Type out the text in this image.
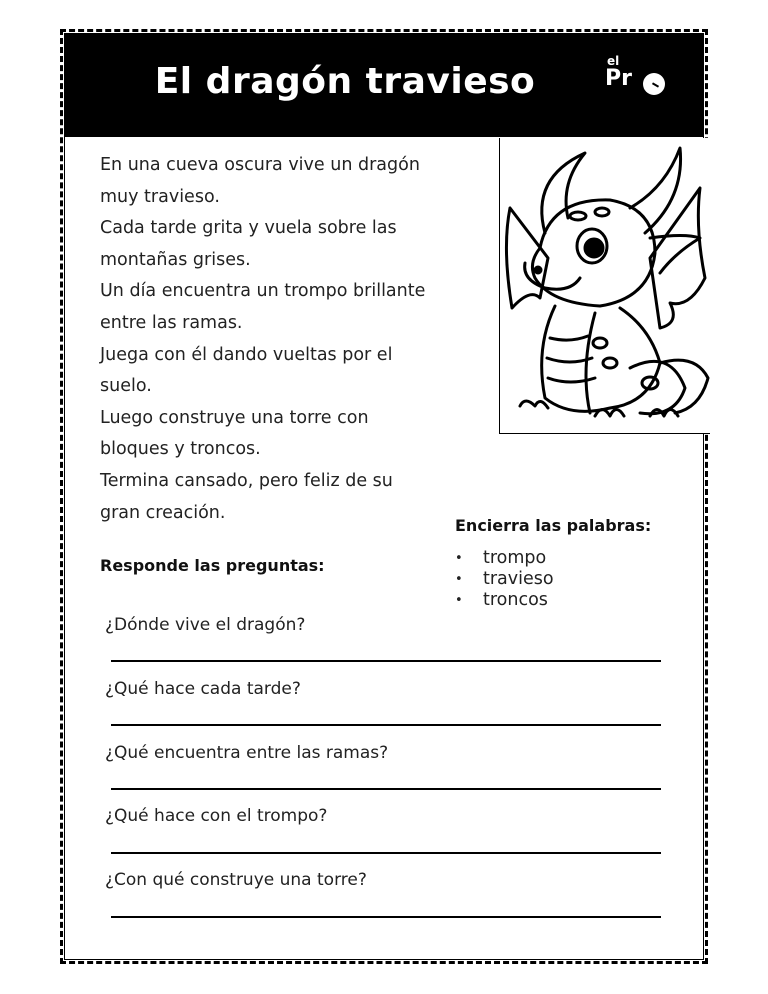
El dragón travieso	el
Pr
En una cueva oscura vive un dragón
muy travieso.
Cada tarde grita y vuela sobre las
montañas grises.
Un día encuentra un trompo brillante
entre las ramas.
Juega con él dando vueltas por el
suelo.
Luego construye una torre con
bloques y troncos.
Termina cansado, pero feliz de su
gran creación.
Encierra las palabras:
• trompo
• travieso
• troncos
Responde las preguntas:
¿Dónde vive el dragón?
¿Qué hace cada tarde?
¿Qué encuentra entre las ramas?
¿Qué hace con el trompo?
¿Con qué construye una torre?
